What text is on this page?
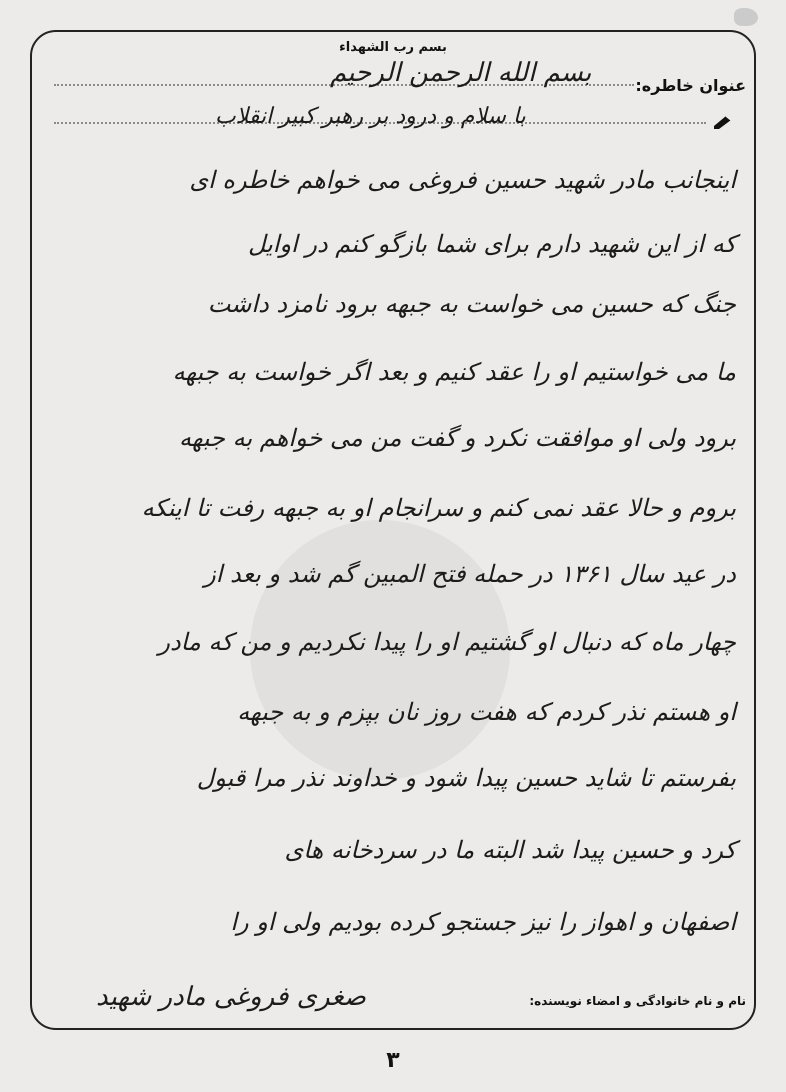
بسم رب الشهداء
عنوان خاطره:
بسم الله الرحمن الرحیم
با سلام و درود بر رهبر کبیر انقلاب
اینجانب مادر شهید حسین فروغی می خواهم خاطره ای
که از این شهید دارم برای شما بازگو کنم در اوایل
جنگ که حسین می خواست به جبهه برود نامزد داشت
ما می خواستیم او را عقد کنیم و بعد اگر خواست به جبهه
برود ولی او موافقت نکرد و گفت من می خواهم به جبهه
بروم و حالا عقد نمی کنم و سرانجام او به جبهه رفت تا اینکه
در عید سال ۱۳۶۱ در حمله فتح المبین گم شد و بعد از
چهار ماه که دنبال او گشتیم او را پیدا نکردیم و من که مادر
او هستم نذر کردم که هفت روز نان بپزم و به جبهه
بفرستم تا شاید حسین پیدا شود و خداوند نذر مرا قبول
کرد و حسین پیدا شد البته ما در سردخانه های
اصفهان و اهواز را نیز جستجو کرده بودیم ولی او را
نام و نام خانوادگی و امضاء نویسنده:
صغری فروغی مادر شهید
۳
